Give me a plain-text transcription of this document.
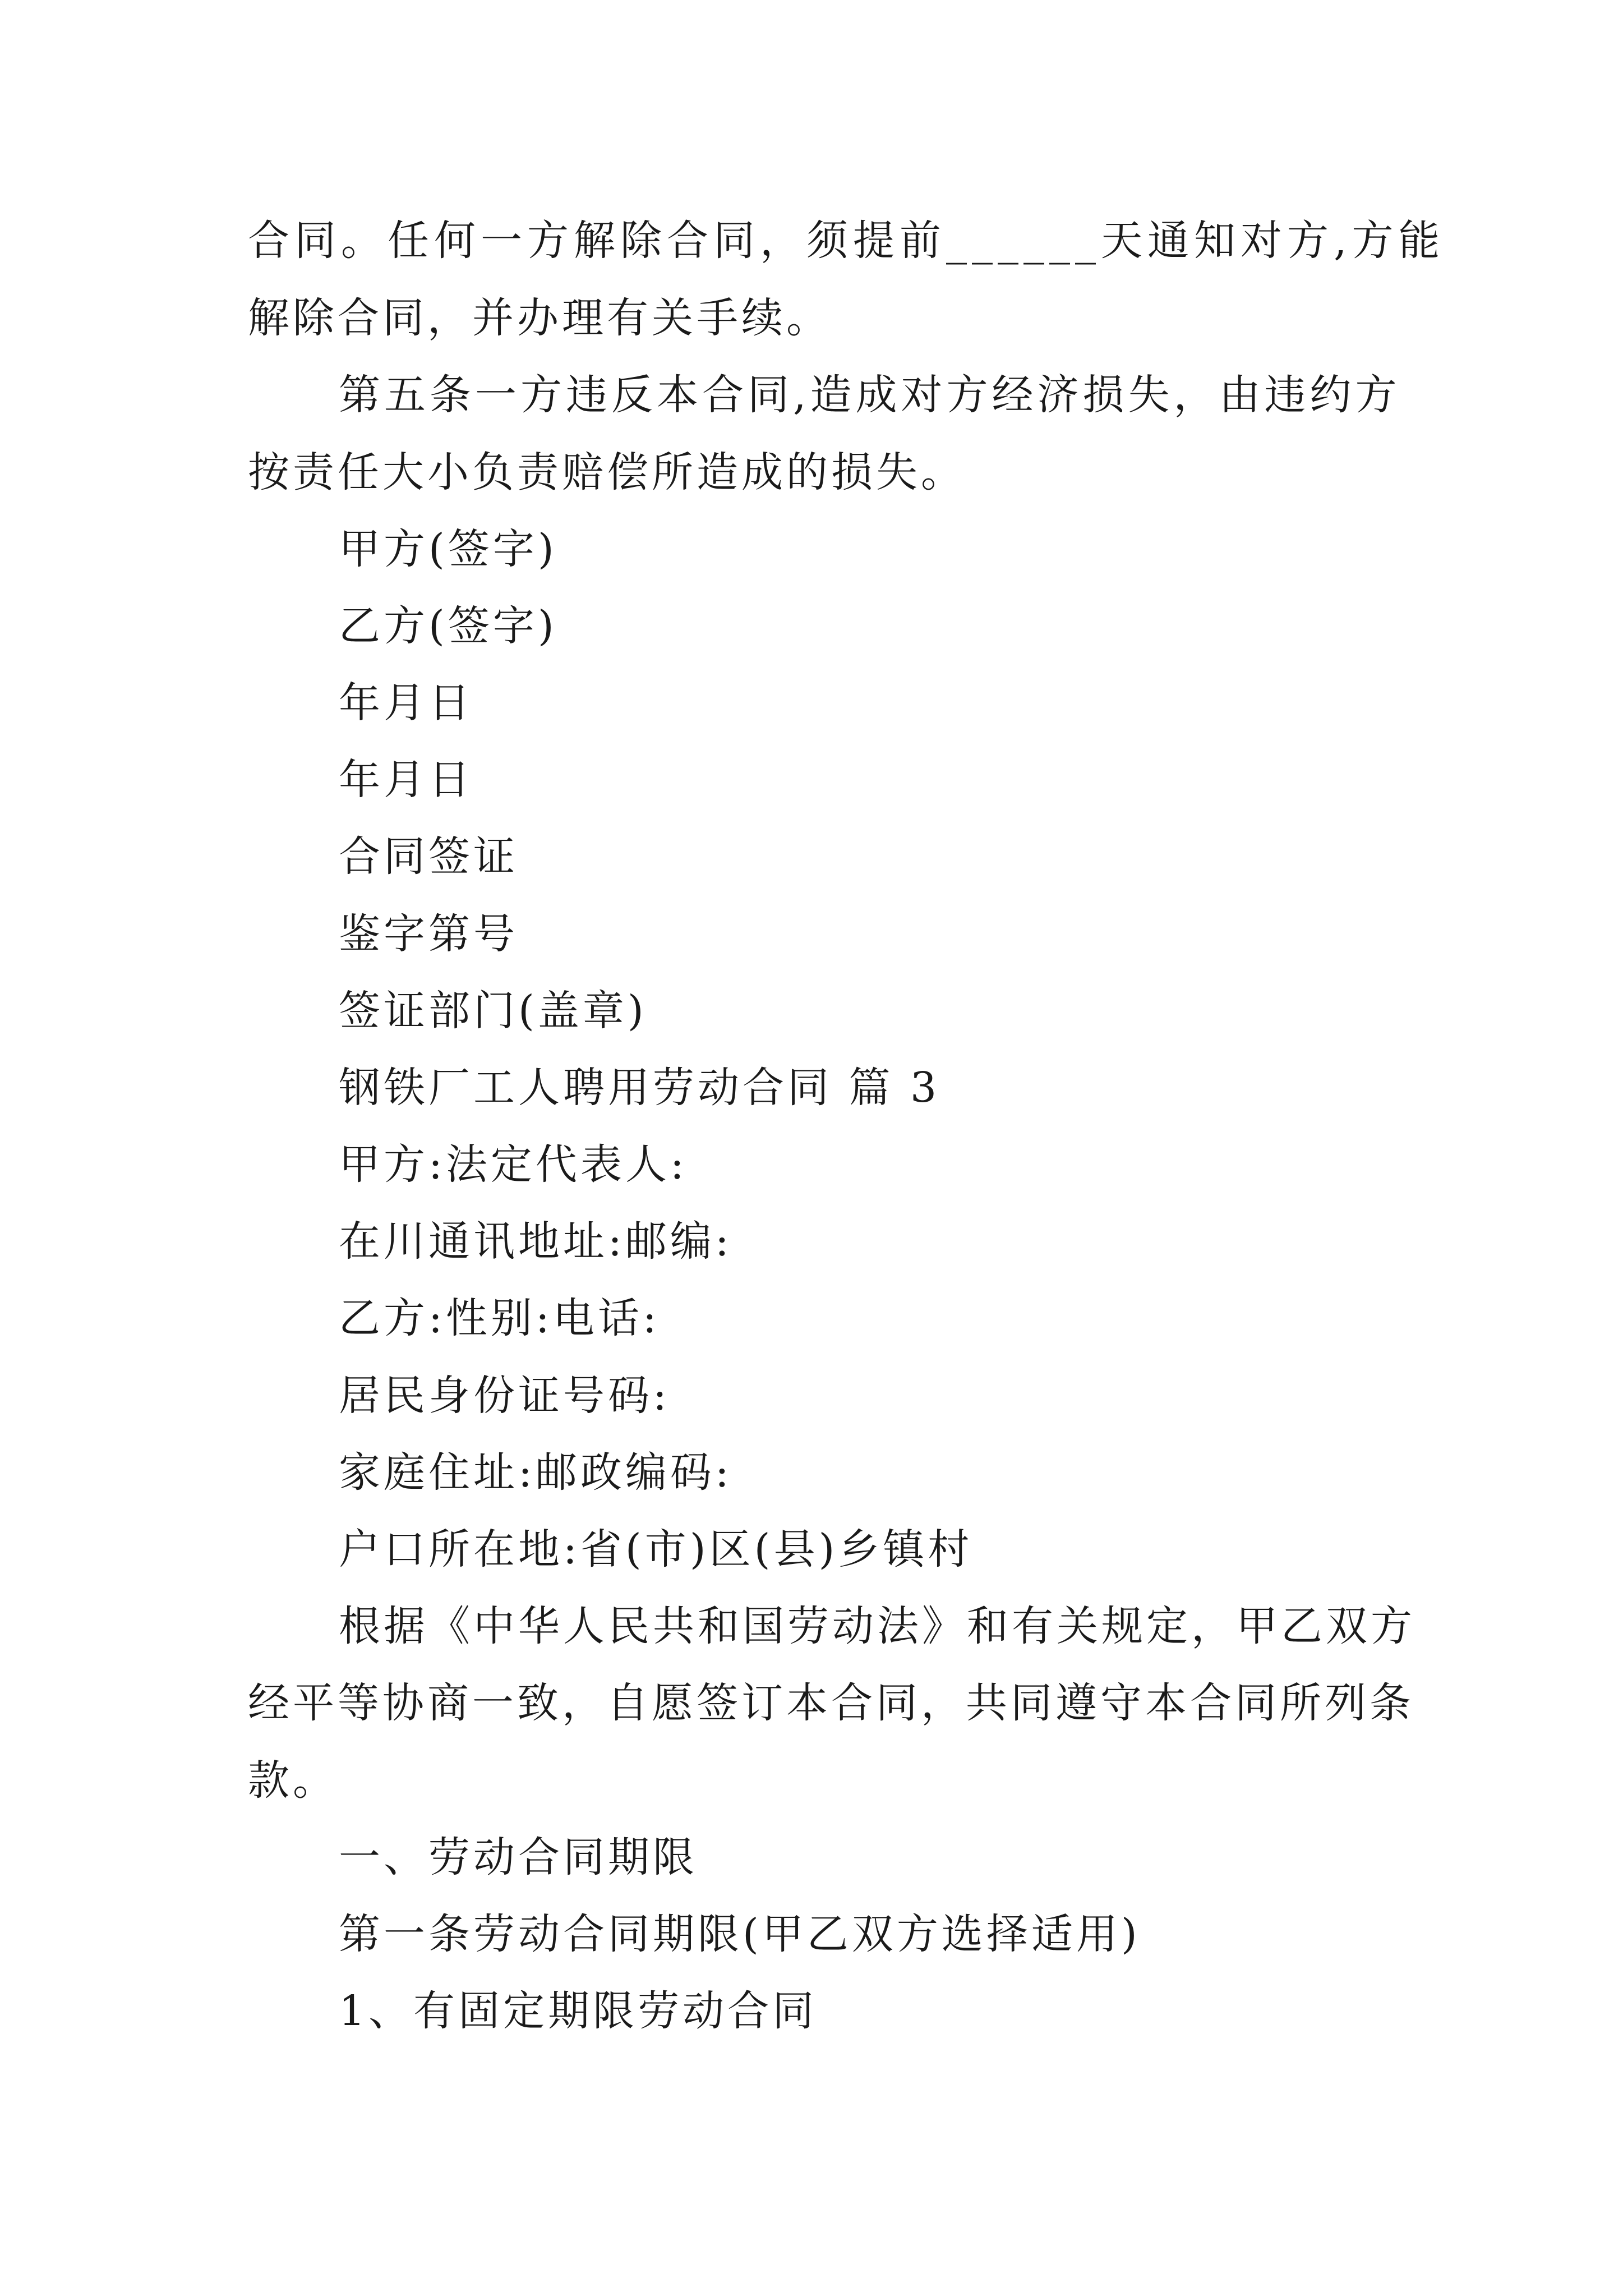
合同。任何一方解除合同，须提前______天通知对方,方能
解除合同，并办理有关手续。
第五条一方违反本合同,造成对方经济损失，由违约方
按责任大小负责赔偿所造成的损失。
甲方(签字)
乙方(签字)
年月日
年月日
合同签证
鉴字第号
签证部门(盖章)
钢铁厂工人聘用劳动合同 篇 3
甲方:法定代表人:
在川通讯地址:邮编:
乙方:性别:电话:
居民身份证号码:
家庭住址:邮政编码:
户口所在地:省(市)区(县)乡镇村
根据《中华人民共和国劳动法》和有关规定，甲乙双方
经平等协商一致，自愿签订本合同，共同遵守本合同所列条
款。
一、劳动合同期限
第一条劳动合同期限(甲乙双方选择适用)
1、有固定期限劳动合同
